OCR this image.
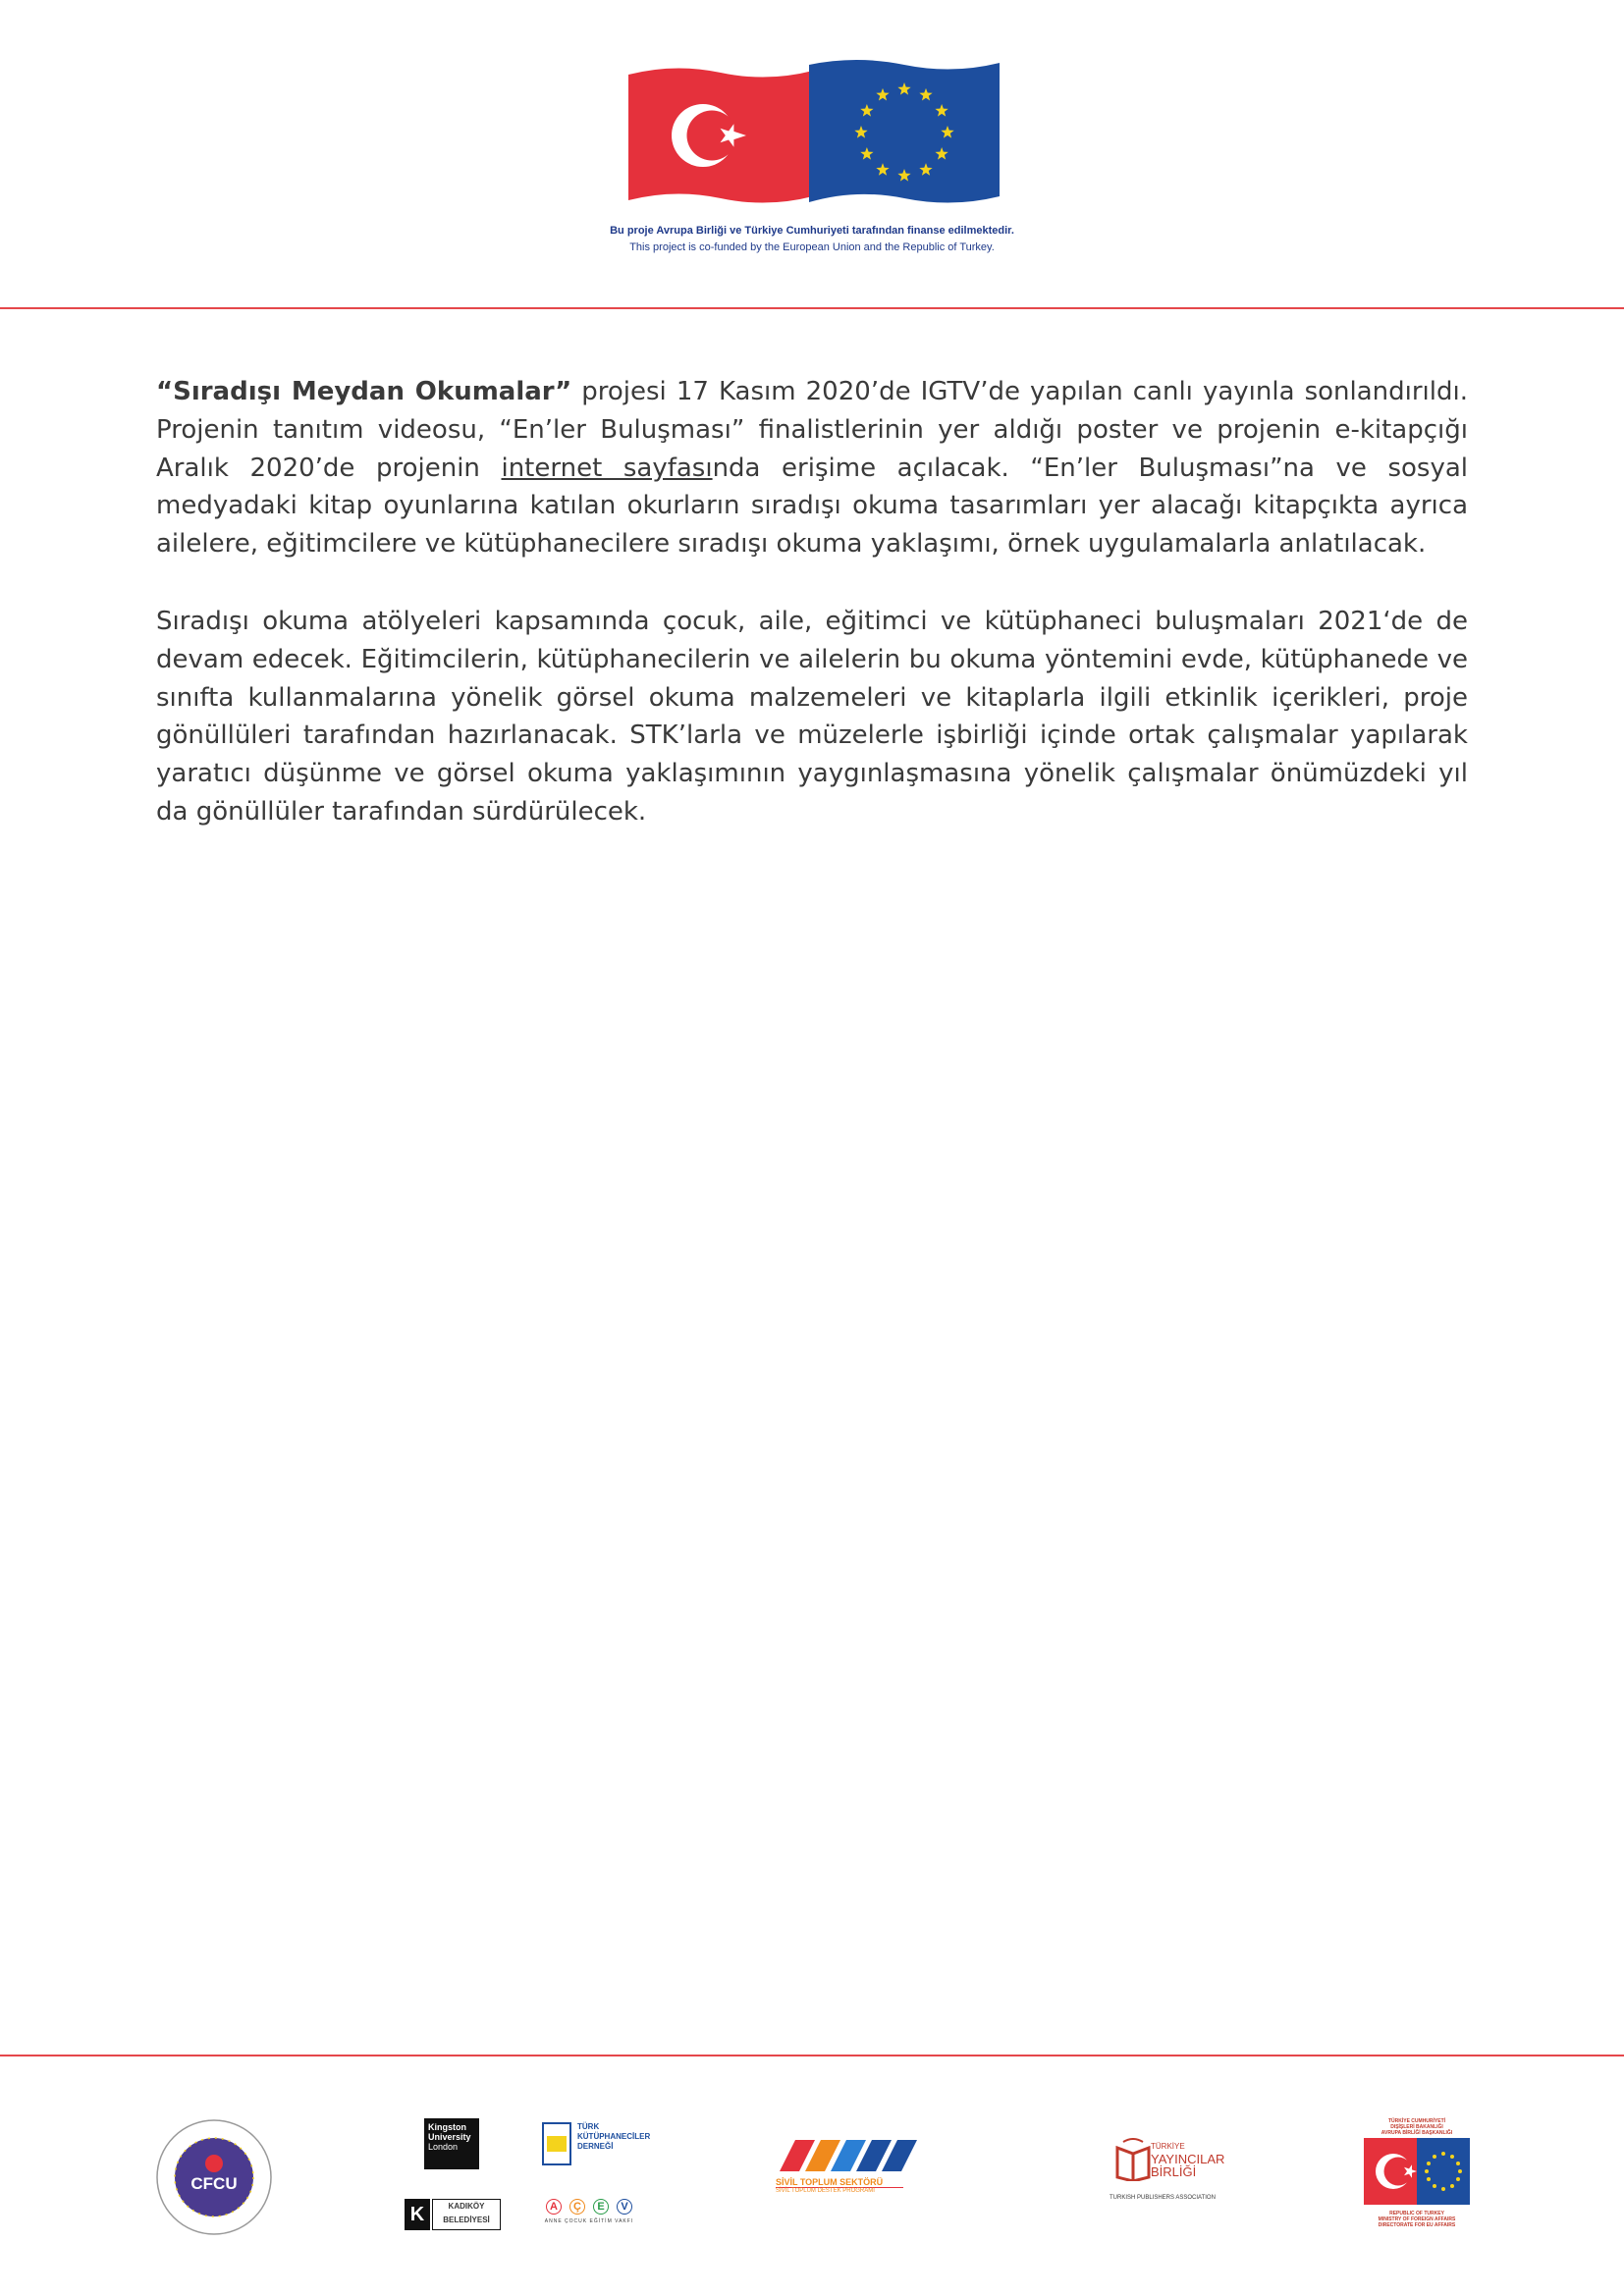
Bu proje Avrupa Birliği ve Türkiye Cumhuriyeti tarafından finanse edilmektedir.
This project is co-funded by the European Union and the Republic of Turkey.

“Sıradışı Meydan Okumalar” projesi 17 Kasım 2020’de IGTV’de yapılan canlı yayınla sonlandırıldı. Projenin tanıtım videosu, “En’ler Buluşması” finalistlerinin yer aldığı poster ve projenin e-kitapçığı Aralık 2020’de projenin internet sayfasında erişime açılacak. “En’ler Buluşması”na ve sosyal medyadaki kitap oyunlarına katılan okurların sıradışı okuma tasarımları yer alacağı kitapçıkta ayrıca ailelere, eğitimcilere ve kütüphanecilere sıradışı okuma yaklaşımı, örnek uygulamalarla anlatılacak.

Sıradışı okuma atölyeleri kapsamında çocuk, aile, eğitimci ve kütüphaneci buluşmaları 2021‘de de devam edecek. Eğitimcilerin, kütüphanecilerin ve ailelerin bu okuma yöntemini evde, kütüphanede ve sınıfta kullanmalarına yönelik görsel okuma malzemeleri ve kitaplarla ilgili etkinlik içerikleri, proje gönüllüleri tarafından hazırlanacak. STK’larla ve müzelerle işbirliği içinde ortak çalışmalar yapılarak yaratıcı düşünme ve görsel okuma yaklaşımının yaygınlaşmasına yönelik çalışmalar önümüzdeki yıl da gönüllüler tarafından sürdürülecek.

CFCU
Kingston
University
London
TÜRK
KÜTÜPHANECİLER
DERNEĞİ
K	KADIKÖY
BELEDİYESİ
A	Ç	E	V
ANNE ÇOCUK EĞİTİM VAKFI
SİVİL TOPLUM SEKTÖRÜ
SİVİL TOPLUM DESTEK PROGRAMI
TÜRKİYE
YAYINCILAR
BİRLİĞİ
TURKISH PUBLISHERS ASSOCIATION
TÜRKİYE CUMHURİYETİ
DIŞİŞLERİ BAKANLIĞI
AVRUPA BİRLİĞİ BAŞKANLIĞI
REPUBLIC OF TURKEY
MINISTRY OF FOREIGN AFFAIRS
DIRECTORATE FOR EU AFFAIRS
